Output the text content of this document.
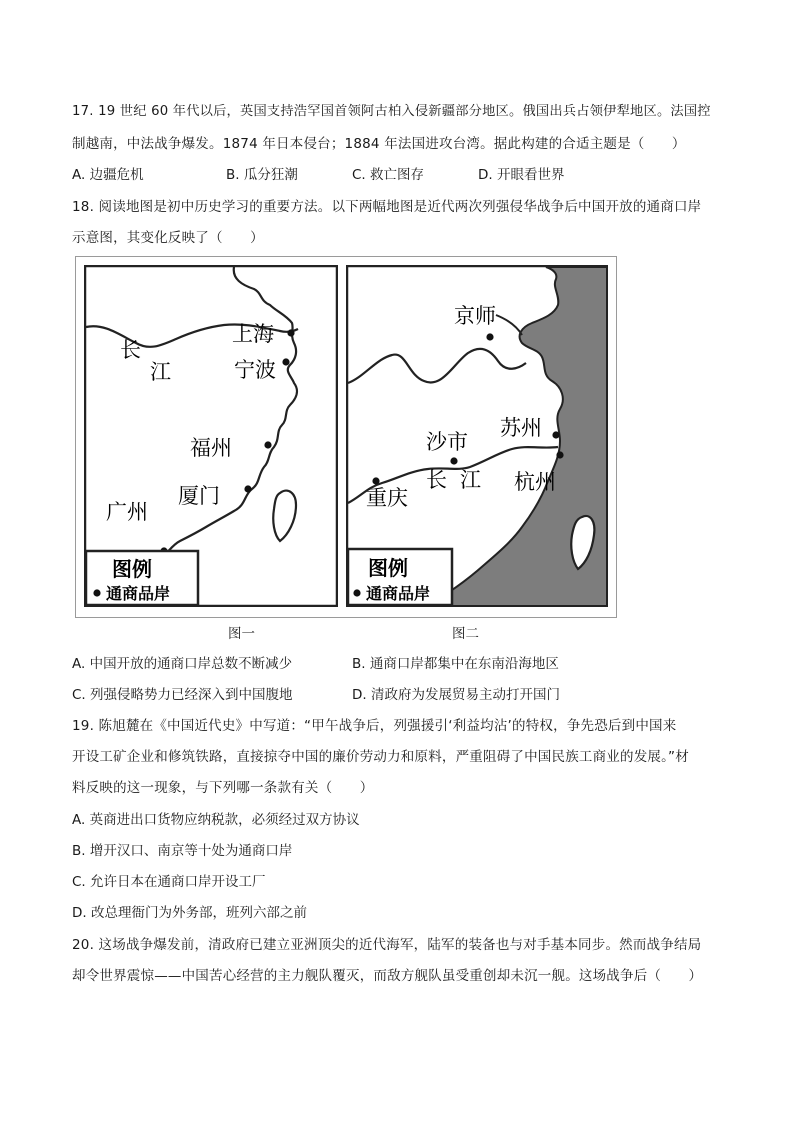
17. 19 世纪 60 年代以后，英国支持浩罕国首领阿古柏入侵新疆部分地区。俄国出兵占领伊犁地区。法国控
制越南，中法战争爆发。1874 年日本侵台；1884 年法国进攻台湾。据此构建的合适主题是（　　）
A. 边疆危机	B. 瓜分狂潮	C. 救亡图存	D. 开眼看世界
18. 阅读地图是初中历史学习的重要方法。以下两幅地图是近代两次列强侵华战争后中国开放的通商口岸
示意图，其变化反映了（　　）
长
江
上海
宁波
福州
厦门
广州
图例
通商品岸
京师
苏州
沙市
长 江 杭州
重庆
图例
通商品岸
图一	图二
A. 中国开放的通商口岸总数不断减少	B. 通商口岸都集中在东南沿海地区
C. 列强侵略势力已经深入到中国腹地	D. 清政府为发展贸易主动打开国门
19. 陈旭麓在《中国近代史》中写道：“甲午战争后，列强援引‘利益均沾’的特权，争先恐后到中国来
开设工矿企业和修筑铁路，直接掠夺中国的廉价劳动力和原料，严重阻碍了中国民族工商业的发展。”材
料反映的这一现象，与下列哪一条款有关（　　）
A. 英商进出口货物应纳税款，必须经过双方协议
B. 增开汉口、南京等十处为通商口岸
C. 允许日本在通商口岸开设工厂
D. 改总理衙门为外务部，班列六部之前
20. 这场战争爆发前，清政府已建立亚洲顶尖的近代海军，陆军的装备也与对手基本同步。然而战争结局
却令世界震惊——中国苦心经营的主力舰队覆灭，而敌方舰队虽受重创却未沉一舰。这场战争后（　　）
